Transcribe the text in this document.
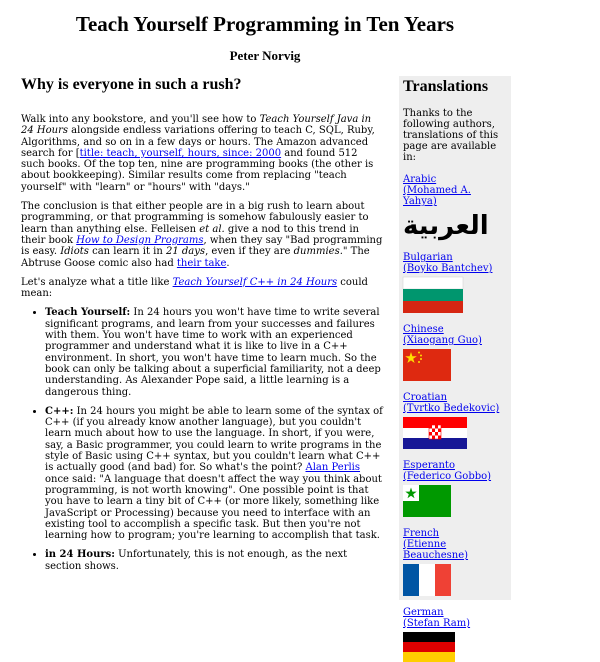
Teach Yourself Programming in Ten Years
Peter Norvig
Why is everyone in such a rush?

Walk into any bookstore, and you'll see how to Teach Yourself Java in 24 Hours alongside endless variations offering to teach C, SQL, Ruby, Algorithms, and so on in a few days or hours. The Amazon advanced search for [title: teach, yourself, hours, since: 2000 and found 512 such books. Of the top ten, nine are programming books (the other is about bookkeeping). Similar results come from replacing "teach yourself" with "learn" or "hours" with "days."

The conclusion is that either people are in a big rush to learn about programming, or that programming is somehow fabulously easier to learn than anything else. Felleisen et al. give a nod to this trend in their book How to Design Programs, when they say "Bad programming is easy. Idiots can learn it in 21 days, even if they are dummies." The Abtruse Goose comic also had their take.

Let's analyze what a title like Teach Yourself C++ in 24 Hours could mean:

• Teach Yourself: In 24 hours you won't have time to write several significant programs, and learn from your successes and failures with them. You won't have time to work with an experienced programmer and understand what it is like to live in a C++ environment. In short, you won't have time to learn much. So the book can only be talking about a superficial familiarity, not a deep understanding. As Alexander Pope said, a little learning is a dangerous thing.
• C++: In 24 hours you might be able to learn some of the syntax of C++ (if you already know another language), but you couldn't learn much about how to use the language. In short, if you were, say, a Basic programmer, you could learn to write programs in the style of Basic using C++ syntax, but you couldn't learn what C++ is actually good (and bad) for. So what's the point? Alan Perlis once said: "A language that doesn't affect the way you think about programming, is not worth knowing". One possible point is that you have to learn a tiny bit of C++ (or more likely, something like JavaScript or Processing) because you need to interface with an existing tool to accomplish a specific task. But then you're not learning how to program; you're learning to accomplish that task.
• in 24 Hours: Unfortunately, this is not enough, as the next section shows.
Translations
Thanks to the following authors, translations of this page are available in:
Arabic
(Mohamed A. Yahya)
العربية
Bulgarian
(Boyko Bantchev)
Chinese
(Xiaogang Guo)
Croatian
(Tvrtko Bedekovic)
Esperanto
(Federico Gobbo)
French
(Etienne Beauchesne)
German
(Stefan Ram)
